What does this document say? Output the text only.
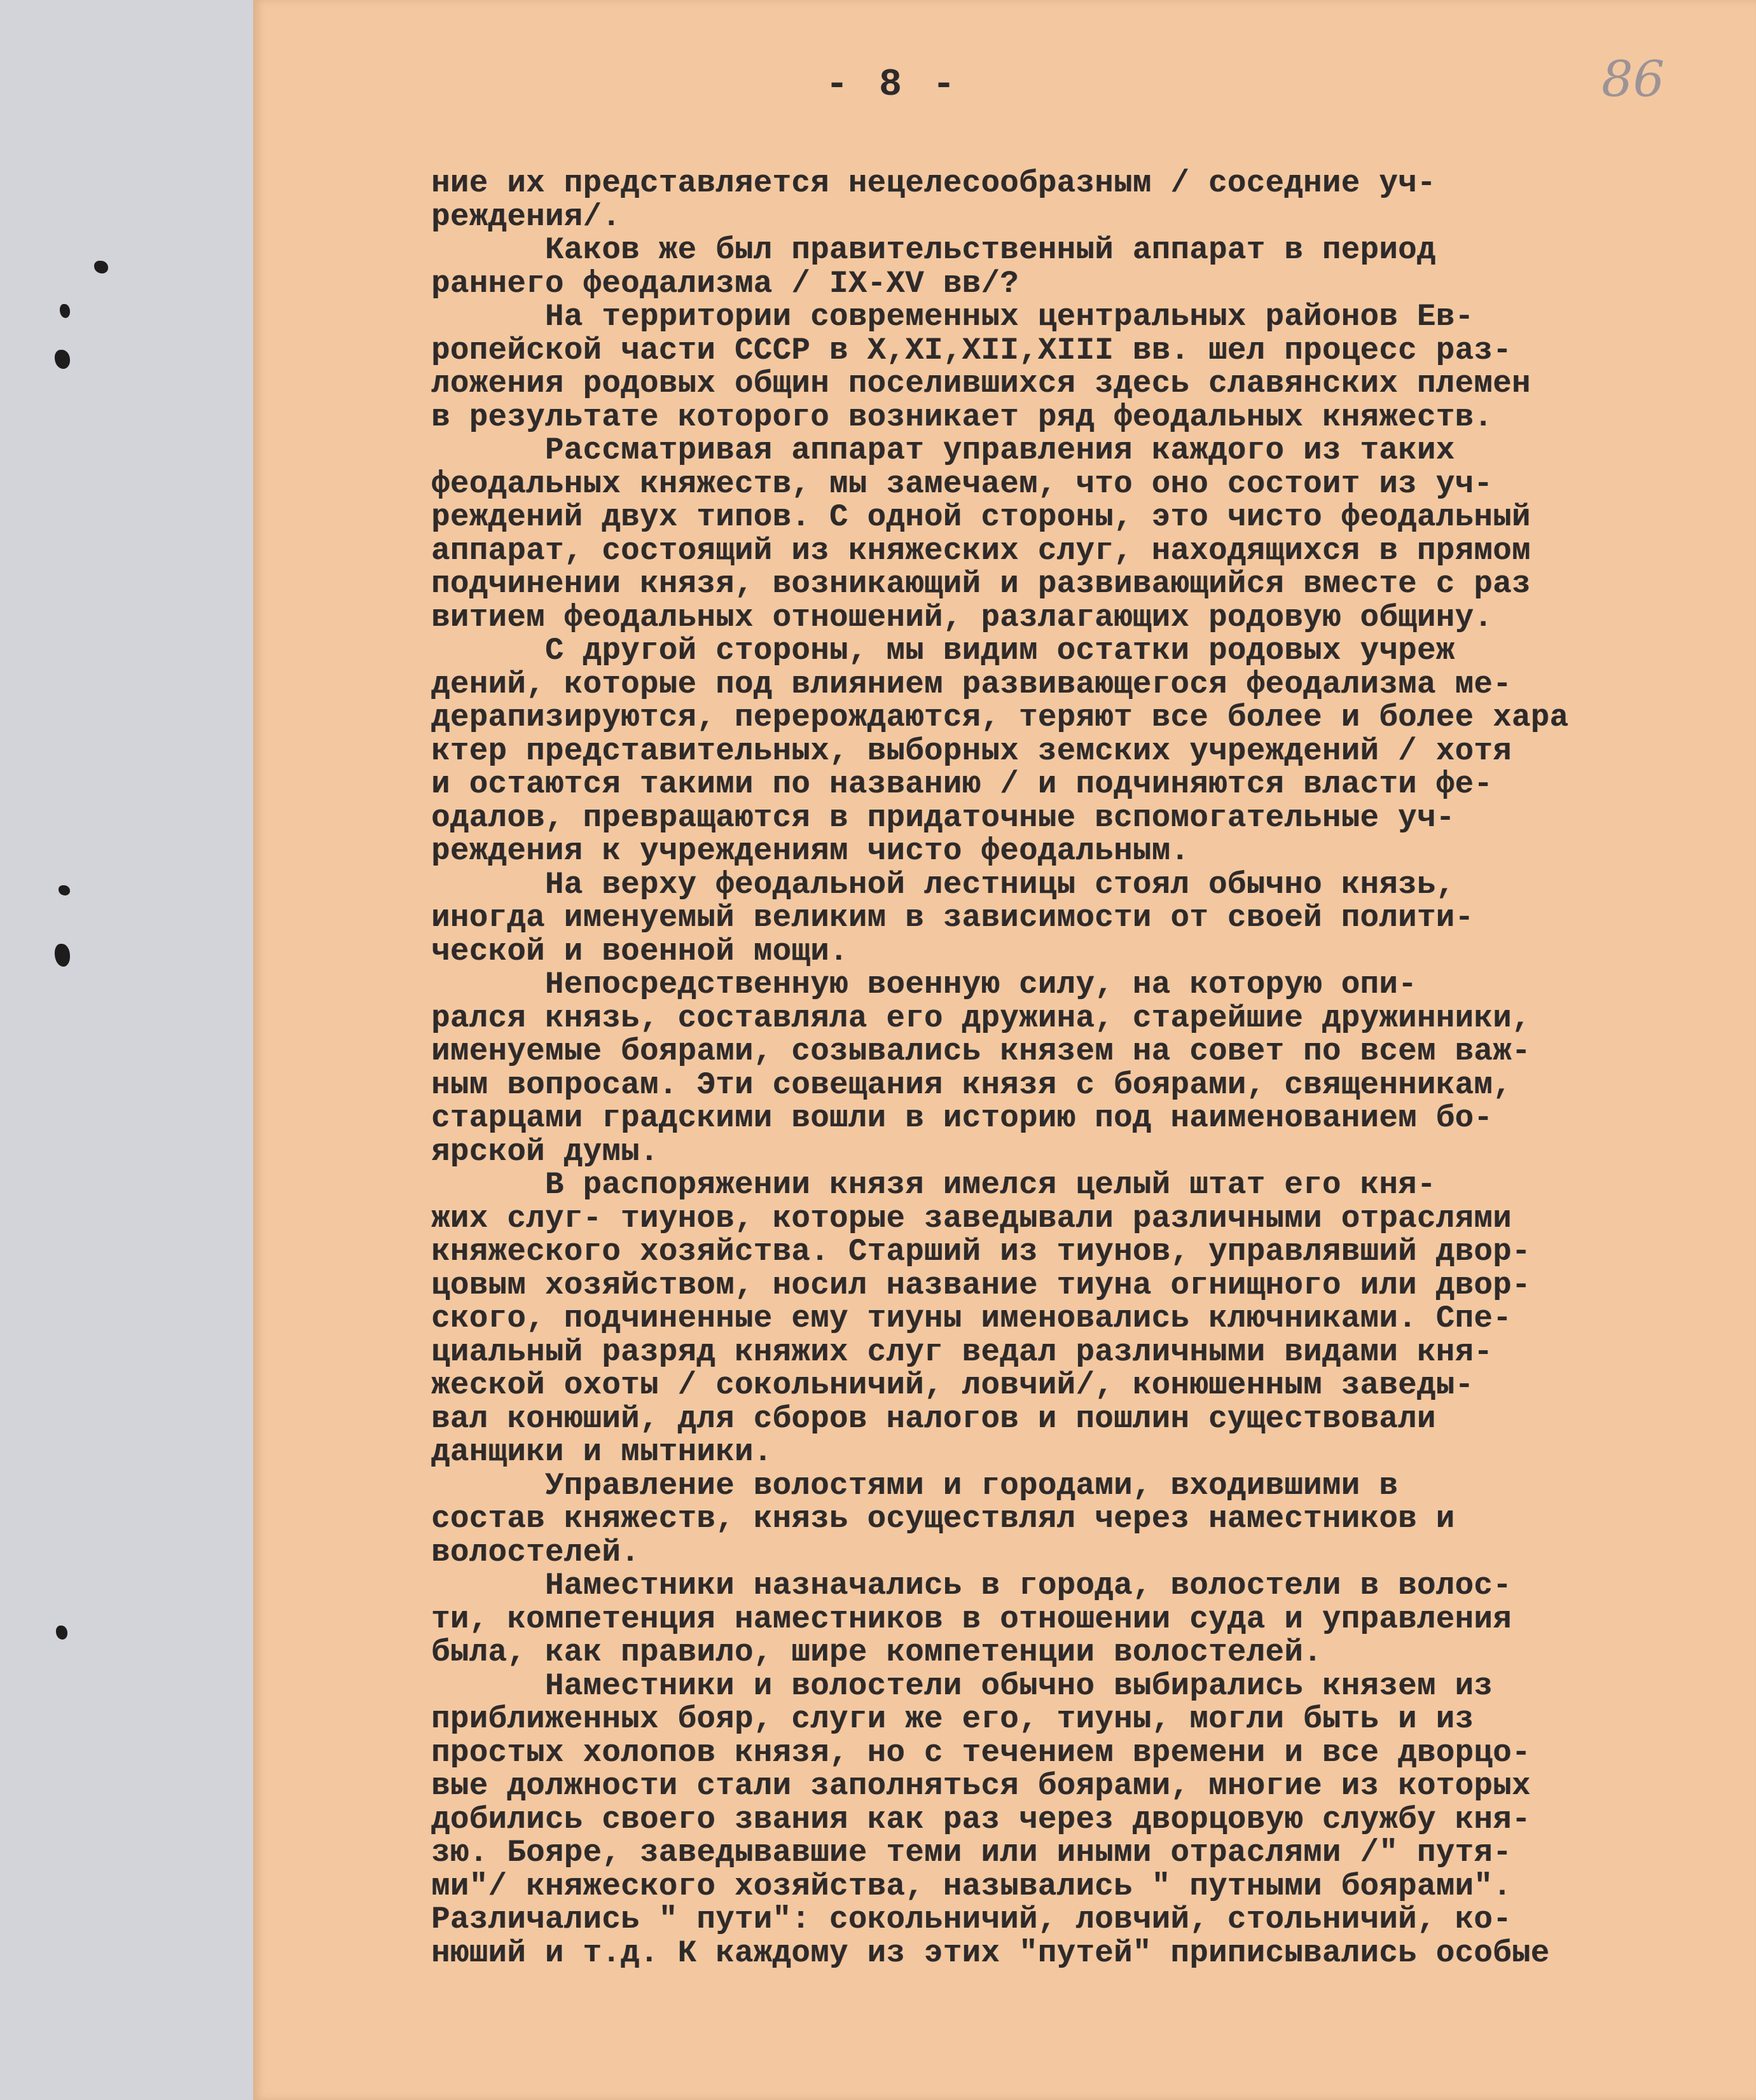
- 8 -	86
ние их представляется нецелесообразным / соседние уч-
реждения/.
Каков же был правительственный аппарат в период
раннего феодализма / IX-XV вв/?
На территории современных центральных районов Ев-
ропейской части СССР в X,XI,XII,XIII вв. шел процесс раз-
ложения родовых общин поселившихся здесь славянских племен
в результате которого возникает ряд феодальных княжеств.
Рассматривая аппарат управления каждого из таких
феодальных княжеств, мы замечаем, что оно состоит из уч-
реждений двух типов. С одной стороны, это чисто феодальный
аппарат, состоящий из княжеских слуг, находящихся в прямом
подчинении князя, возникающий и развивающийся вместе с раз
витием феодальных отношений, разлагающих родовую общину.
С другой стороны, мы видим остатки родовых учреж
дений, которые под влиянием развивающегося феодализма ме-
дерапизируются, перерождаются, теряют все более и более хара
ктер представительных, выборных земских учреждений / хотя
и остаются такими по названию / и подчиняются власти фе-
одалов, превращаются в придаточные вспомогательные уч-
реждения к учреждениям чисто феодальным.
На верху феодальной лестницы стоял обычно князь,
иногда именуемый великим в зависимости от своей полити-
ческой и военной мощи.
Непосредственную военную силу, на которую опи-
рался князь, составляла его дружина, старейшие дружинники,
именуемые боярами, созывались князем на совет по всем важ-
ным вопросам. Эти совещания князя с боярами, священникам,
старцами градскими вошли в историю под наименованием бо-
ярской думы.
В распоряжении князя имелся целый штат его кня-
жих слуг- тиунов, которые заведывали различными отраслями
княжеского хозяйства. Старший из тиунов, управлявший двор-
цовым хозяйством, носил название тиуна огнищного или двор-
ского, подчиненные ему тиуны именовались ключниками. Спе-
циальный разряд княжих слуг ведал различными видами кня-
жеской охоты / сокольничий, ловчий/, конюшенным заведы-
вал конюший, для сборов налогов и пошлин существовали
данщики и мытники.
Управление волостями и городами, входившими в
состав княжеств, князь осуществлял через наместников и
волостелей.
Наместники назначались в города, волостели в волос-
ти, компетенция наместников в отношении суда и управления
была, как правило, шире компетенции волостелей.
Наместники и волостели обычно выбирались князем из
приближенных бояр, слуги же его, тиуны, могли быть и из
простых холопов князя, но с течением времени и все дворцо-
вые должности стали заполняться боярами, многие из которых
добились своего звания как раз через дворцовую службу кня-
зю. Бояре, заведывавшие теми или иными отраслями /" путя-
ми"/ княжеского хозяйства, назывались " путными боярами".
Различались " пути": сокольничий, ловчий, стольничий, ко-
нюший и т.д. К каждому из этих "путей" приписывались особые
